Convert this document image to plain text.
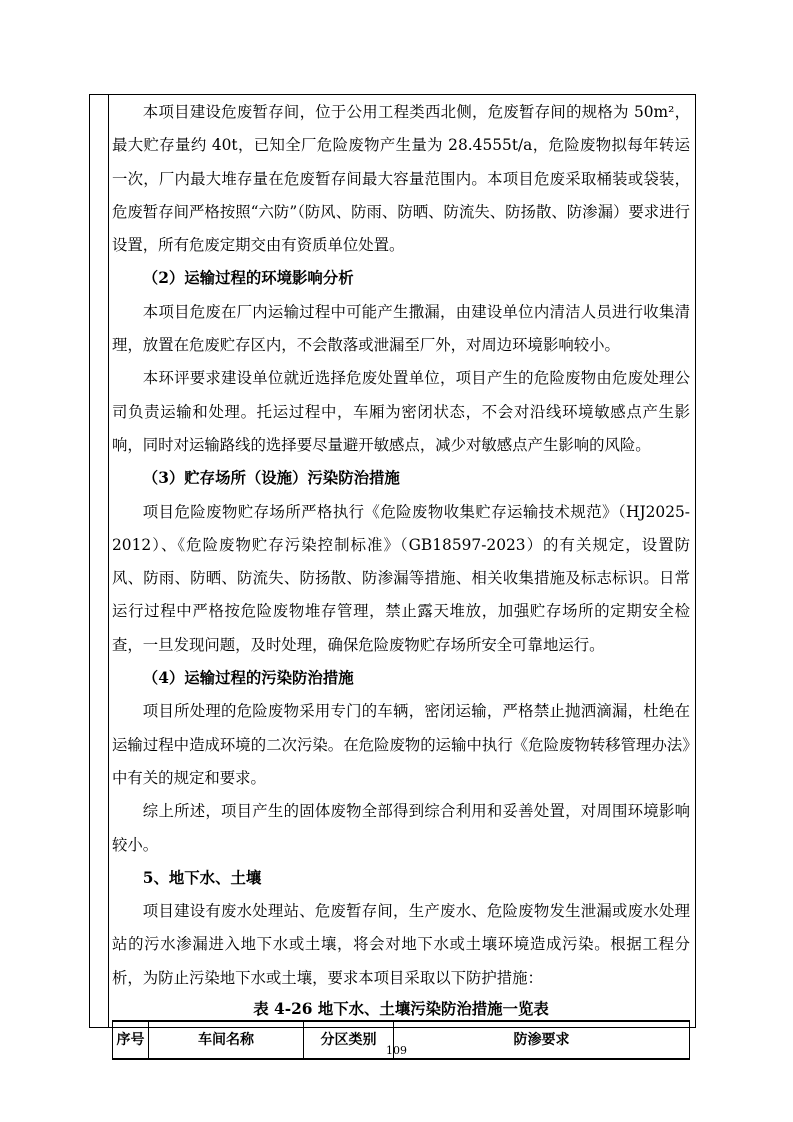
本项目建设危废暂存间，位于公用工程类西北侧，危废暂存间的规格为 50m²，最大贮存量约 40t，已知全厂危险废物产生量为 28.4555t/a，危险废物拟每年转运一次，厂内最大堆存量在危废暂存间最大容量范围内。本项目危废采取桶装或袋装，危废暂存间严格按照“六防”（防风、防雨、防晒、防流失、防扬散、防渗漏）要求进行设置，所有危废定期交由有资质单位处置。

（2）运输过程的环境影响分析

本项目危废在厂内运输过程中可能产生撒漏，由建设单位内清洁人员进行收集清理，放置在危废贮存区内，不会散落或泄漏至厂外，对周边环境影响较小。

本环评要求建设单位就近选择危废处置单位，项目产生的危险废物由危废处理公司负责运输和处理。托运过程中，车厢为密闭状态，不会对沿线环境敏感点产生影响，同时对运输路线的选择要尽量避开敏感点，减少对敏感点产生影响的风险。

（3）贮存场所（设施）污染防治措施

项目危险废物贮存场所严格执行《危险废物收集贮存运输技术规范》（HJ2025-2012）、《危险废物贮存污染控制标准》（GB18597-2023）的有关规定，设置防风、防雨、防晒、防流失、防扬散、防渗漏等措施、相关收集措施及标志标识。日常运行过程中严格按危险废物堆存管理，禁止露天堆放，加强贮存场所的定期安全检查，一旦发现问题，及时处理，确保危险废物贮存场所安全可靠地运行。

（4）运输过程的污染防治措施

项目所处理的危险废物采用专门的车辆，密闭运输，严格禁止抛洒滴漏，杜绝在运输过程中造成环境的二次污染。在危险废物的运输中执行《危险废物转移管理办法》中有关的规定和要求。

综上所述，项目产生的固体废物全部得到综合利用和妥善处置，对周围环境影响较小。

5、地下水、土壤

项目建设有废水处理站、危废暂存间，生产废水、危险废物发生泄漏或废水处理站的污水渗漏进入地下水或土壤，将会对地下水或土壤环境造成污染。根据工程分析，为防止污染地下水或土壤，要求本项目采取以下防护措施：

表 4-26 地下水、土壤污染防治措施一览表
序号	车间名称	分区类别	防渗要求
109
